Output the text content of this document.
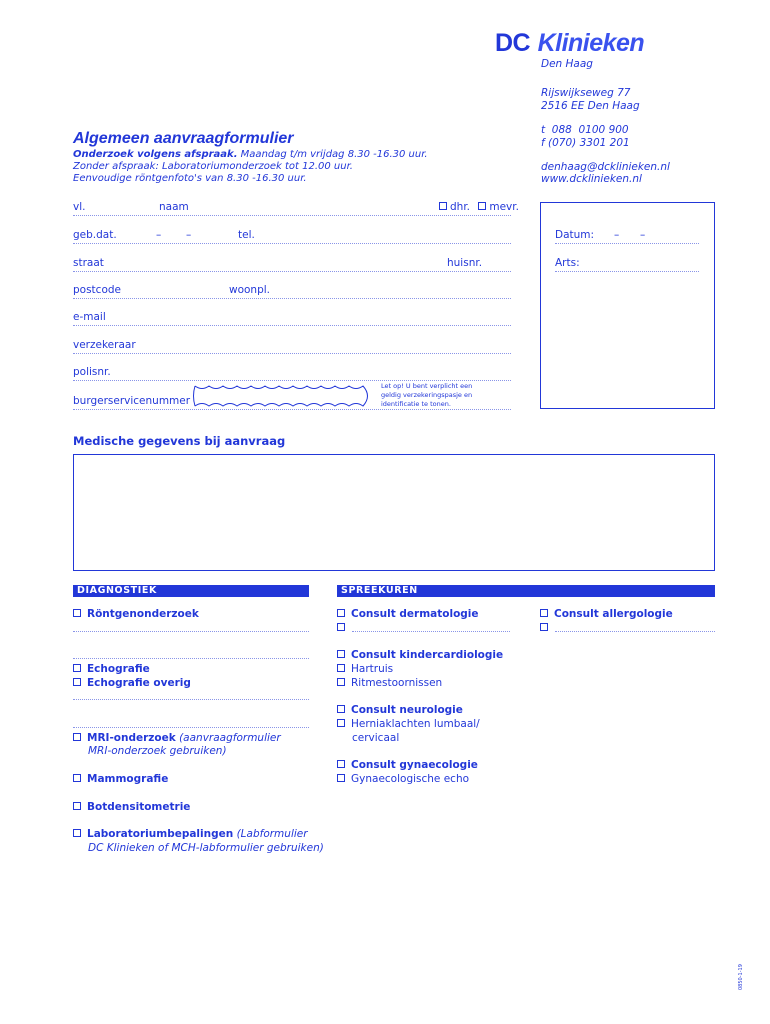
DC Klinieken
Den Haag
Rijswijkseweg 77
2516 EE Den Haag
t  088  0100 900
f (070) 3301 201
denhaag@dcklinieken.nl
www.dcklinieken.nl
Algemeen aanvraagformulier
Onderzoek volgens afspraak. Maandag t/m vrijdag 8.30 -16.30 uur.
Zonder afspraak: Laboratoriumonderzoek tot 12.00 uur.
Eenvoudige röntgenfoto's van 8.30 -16.30 uur.
vl.	naam	dhr. mevr.
geb.dat.	– –	tel.
straat	huisnr.
postcode	woonpl.
e-mail
verzekeraar
polisnr.
burgerservicenummer
Let op! U bent verplicht een geldig verzekeringspasje en identificatie te tonen.
Datum: – –
Arts:
Medische gegevens bij aanvraag
DIAGNOSTIEK	SPREEKUREN
Röntgenonderzoek
Echografie
Echografie overig
MRI-onderzoek (aanvraagformulier
MRI-onderzoek gebruiken)
Mammografie
Botdensitometrie
Laboratoriumbepalingen (Labformulier
DC Klinieken of MCH-labformulier gebruiken)
Consult dermatologie	Consult allergologie
Consult kindercardiologie
Hartruis
Ritmestoornissen
Consult neurologie
Herniaklachten lumbaal/
cervicaal
Consult gynaecologie
Gynaecologische echo
0850-1-19
